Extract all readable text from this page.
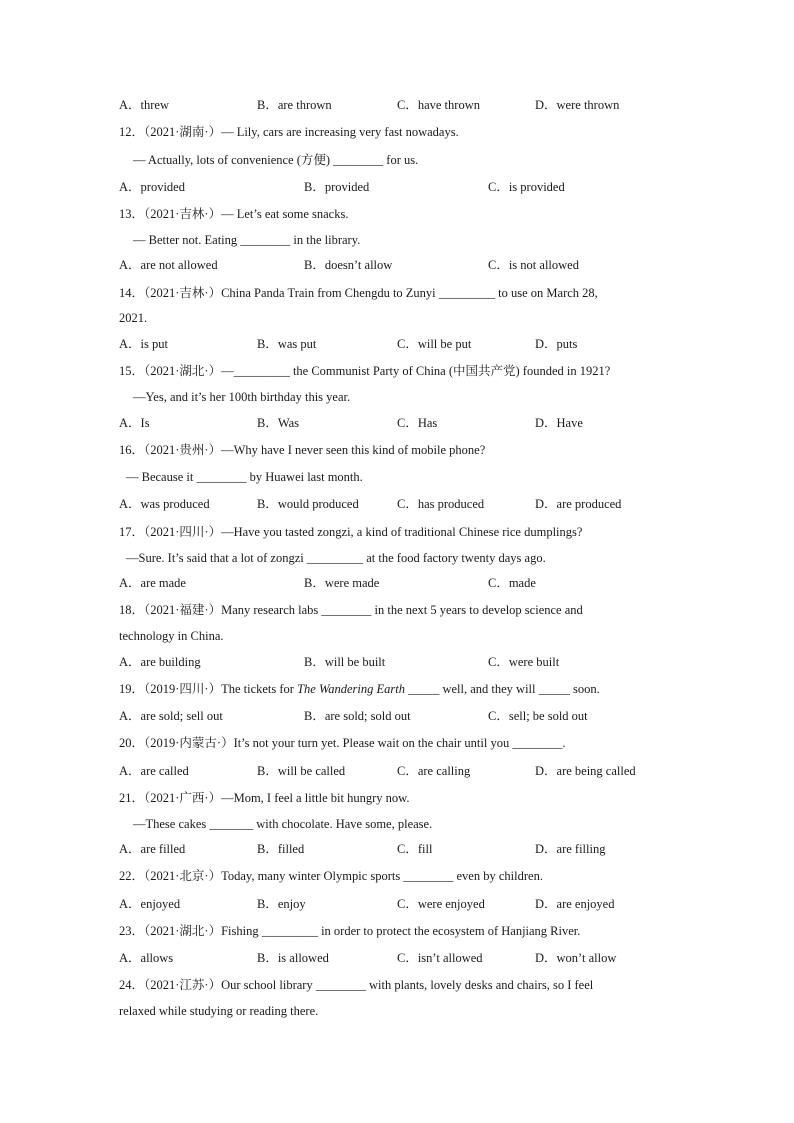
A．threw	B．are thrown	C．have thrown	D．were thrown
12．（2021·湖南·）— Lily, cars are increasing very fast nowadays.
— Actually, lots of convenience (方便) ________ for us.
A．provided	B．provided	C．is provided
13．（2021·吉林·）— Let’s eat some snacks.
— Better not. Eating ________ in the library.
A．are not allowed	B．doesn’t allow	C．is not allowed
14．（2021·吉林·）China Panda Train from Chengdu to Zunyi _________ to use on March 28,
2021.
A．is put	B．was put	C．will be put	D．puts
15．（2021·湖北·）—_________ the Communist Party of China (中国共产党) founded in 1921?
—Yes, and it’s her 100th birthday this year.
A．Is	B．Was	C．Has	D．Have
16．（2021·贵州·）—Why have I never seen this kind of mobile phone?
— Because it ________ by Huawei last month.
A．was produced	B．would produced	C．has produced	D．are produced
17．（2021·四川·）—Have you tasted zongzi, a kind of traditional Chinese rice dumplings?
—Sure. It’s said that a lot of zongzi _________ at the food factory twenty days ago.
A．are made	B．were made	C．made
18．（2021·福建·）Many research labs ________ in the next 5 years to develop science and
technology in China.
A．are building	B．will be built	C．were built
19．（2019·四川·）The tickets for The Wandering Earth _____ well, and they will _____ soon.
A．are sold; sell out	B．are sold; sold out	C．sell; be sold out
20．（2019·内蒙古·）It’s not your turn yet. Please wait on the chair until you ________.
A．are called	B．will be called	C．are calling	D．are being called
21．（2021·广西·）—Mom, I feel a little bit hungry now.
—These cakes _______ with chocolate. Have some, please.
A．are filled	B．filled	C．fill	D．are filling
22．（2021·北京·）Today, many winter Olympic sports ________ even by children.
A．enjoyed	B．enjoy	C．were enjoyed	D．are enjoyed
23．（2021·湖北·）Fishing _________ in order to protect the ecosystem of Hanjiang River.
A．allows	B．is allowed	C．isn’t allowed	D．won’t allow
24．（2021·江苏·）Our school library ________ with plants, lovely desks and chairs, so I feel
relaxed while studying or reading there.
